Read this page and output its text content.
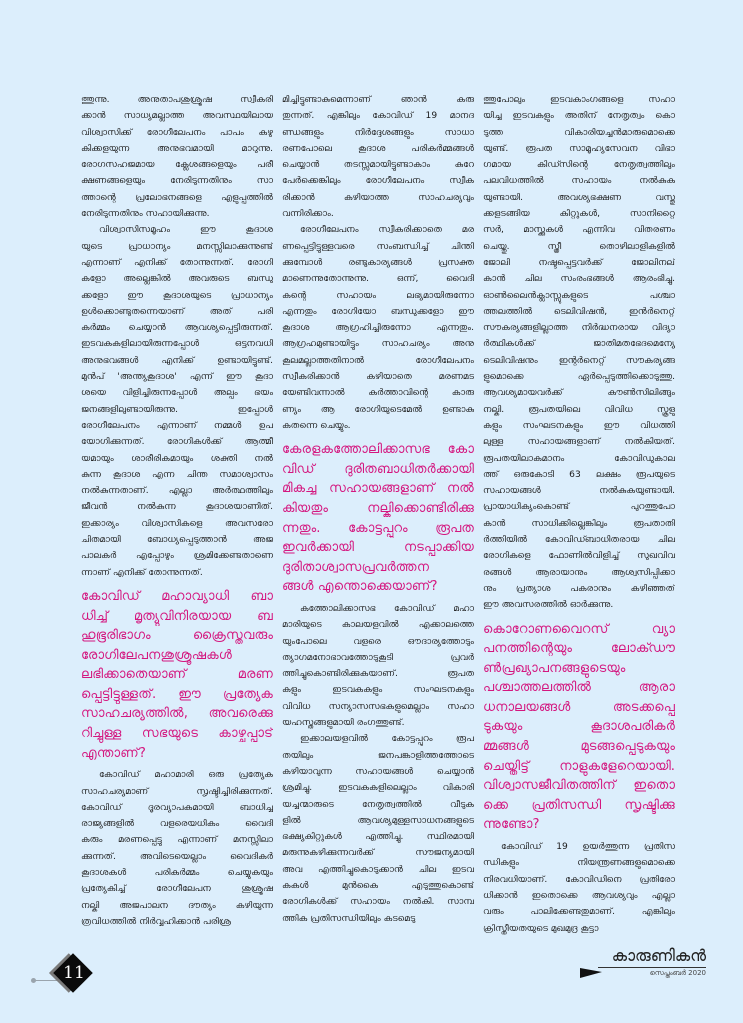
ത്തുന്നു. അനുതാപശുശ്രൂഷ സ്വീകരി
ക്കാൻ സാധ്യമല്ലാത്ത അവസ്ഥയിലായ
വിശ്വാസിക്ക് രോഗീലേപനം പാപം കഴു
കിക്കളയുന്ന അനുഭവമായി മാറുന്നു.
രോഗസഹജമായ ക്ലേശങ്ങളെയും പരീ
ക്ഷണങ്ങളെയും നേരിടുന്നതിനും സാ
ത്താന്റെ പ്രലോഭനങ്ങളെ എളുപ്പത്തിൽ
നേരിടുന്നതിനും സഹായിക്കുന്നു.
വിശ്വാസിസമൂഹം ഈ കൂദാശ
യുടെ പ്രാധാന്യം മനസ്സിലാക്കുന്നുണ്ട്
എന്നാണ് എനിക്ക് തോന്നുന്നത്. രോഗി
കളോ അല്ലെങ്കിൽ അവരുടെ ബന്ധു
ക്കളോ ഈ കൂദാശയുടെ പ്രാധാന്യം
ഉൾക്കൊണ്ടുതന്നെയാണ് അത് പരി
കർമ്മം ചെയ്യാൻ ആവശ്യപ്പെട്ടിരുന്നത്.
ഇടവകകളിലായിരുന്നപ്പോൾ ഒട്ടനവധി
അനുഭവങ്ങൾ എനിക്ക് ഉണ്ടായിട്ടുണ്ട്.
മുൻപ് 'അന്ത്യകൂദാശ' എന്ന് ഈ കൂദാ
ശയെ വിളിച്ചിരുന്നപ്പോൾ അല്പം ഭയം
ജനങ്ങളിലുണ്ടായിരുന്നു. ഇപ്പോൾ
രോഗീലേപനം എന്നാണ് നമ്മൾ ഉപ
യോഗിക്കുന്നത്. രോഗികൾക്ക് ആത്മീ
യമായും ശാരീരികമായും ശക്തി നൽ
കുന്ന കൂദാശ എന്ന ചിന്ത സമാശ്വാസം
നൽകുന്നതാണ്. എല്ലാ അർത്ഥത്തിലും
ജീവൻ നൽകുന്ന കൂദാശയാണിത്.
ഇക്കാര്യം വിശ്വാസികളെ അവസരോ
ചിതമായി ബോധ്യപ്പെടുത്താൻ അജ
പാലകർ എപ്പോഴും ശ്രമിക്കേണ്ടതാണെ
ന്നാണ് എനിക്ക് തോന്നുന്നത്.
കോവിഡ് മഹാവ്യാധി ബാ
ധിച്ച് മൃത്യുവിനിരയായ ബ
ഹുഭൂരിഭാഗം ക്രൈസ്തവരും
രോഗിലേപനശുശ്രൂഷകൾ
ലഭിക്കാതെയാണ് മരണ
പ്പെട്ടിട്ടുള്ളത്. ഈ പ്രത്യേക
സാഹചര്യത്തിൽ, അവരെക്കു
റിച്ചുള്ള സഭയുടെ കാഴ്ചപ്പാട്
എന്താണ്?
കോവിഡ് മഹാമാരി ഒരു പ്രത്യേക
സാഹചര്യമാണ് സൃഷ്ടിച്ചിരിക്കുന്നത്.
കോവിഡ് ദൂരവ്യാപകമായി ബാധിച്ച
രാജ്യങ്ങളിൽ വളരെയധികം വൈദി
കരും മരണപ്പെട്ടു എന്നാണ് മനസ്സിലാ
ക്കുന്നത്. അവിടെയെല്ലാം വൈദികർ
കൂദാശകൾ പരികർമ്മം ചെയ്യുകയും
പ്രത്യേകിച്ച് രോഗീലേപന ശുശ്രൂഷ
നല്കി അജപാലന ദൗത്യം കഴിയുന്ന
ത്രവിധത്തിൽ നിർവ്വഹിക്കാൻ പരിശ്ര
മിച്ചിട്ടുണ്ടാകുമെന്നാണ് ഞാൻ കരു
തുന്നത്. എങ്കിലും കോവിഡ് 19 മാനദ
ണ്ഡങ്ങളും നിർദ്ദേശങ്ങളും സാധാ
രണപോലെ കൂദാശ പരികർമ്മങ്ങൾ
ചെയ്യാൻ തടസ്സമായിട്ടുണ്ടാകാം കുറേ
പേർക്കെങ്കിലും രോഗീലേപനം സ്വീക
രിക്കാൻ കഴിയാത്ത സാഹചര്യവും
വന്നിരിക്കാം.
രോഗീലേപനം സ്വീകരിക്കാതെ മര
ണപ്പെട്ടിട്ടുള്ളവരെ സംബന്ധിച്ച് ചിന്തി
ക്കുമ്പോൾ രണ്ടുകാര്യങ്ങൾ പ്രസക്ത
മാണെന്നുതോന്നുന്നു. ഒന്ന്, വൈദി
കന്റെ സഹായം ലഭ്യമായിരുന്നോ
എന്നതും രോഗിയോ ബന്ധുക്കളോ ഈ
കൂദാശ ആഗ്രഹിച്ചിരുന്നോ എന്നതും.
ആഗ്രഹമുണ്ടായിട്ടും സാഹചര്യം അനു
കൂലമല്ലാത്തതിനാൽ രോഗീലേപനം
സ്വീകരിക്കാൻ കഴിയാതെ മരണമട
യേണ്ടിവന്നാൽ കർത്താവിന്റെ കാരു
ണ്യം ആ രോഗിയുടെമേൽ ഉണ്ടാകു
കതന്നെ ചെയ്യും.
കേരളകത്തോലിക്കാസഭ കോ
വിഡ് ദുരിതബാധിതർക്കായി
മികച്ച സഹായങ്ങളാണ് നൽ
കിയതും നല്കിക്കൊണ്ടിരിക്കു
ന്നതും. കോട്ടപ്പുറം രൂപത
ഇവർക്കായി നടപ്പാക്കിയ
ദുരിതാശ്വാസപ്രവർത്തന
ങ്ങൾ എന്തൊക്കെയാണ്?
കത്തോലിക്കാസഭ കോവിഡ് മഹാ
മാരിയുടെ കാലയളവിൽ എക്കാലത്തെ
യുംപോലെ വളരെ ഔദാര്യത്തോടും
ത്യാഗമനോഭാവത്തോടുകൂടി പ്രവർ
ത്തിച്ചുകൊണ്ടിരിക്കുകയാണ്. രൂപത
കളും ഇടവകകളും സംഘടനകളും
വിവിധ സന്യാസസഭകളുമെല്ലാം സഹാ
യഹസ്തങ്ങളുമായി രംഗത്തുണ്ട്.
ഇക്കാലയളവിൽ കോട്ടപ്പുറം രൂപ
തയിലും ജനപങ്കാളിത്തത്തോടെ
കഴിയാവുന്ന സഹായങ്ങൾ ചെയ്യാൻ
ശ്രമിച്ചു. ഇടവകകളിലെല്ലാം വികാരി
യച്ചന്മാരുടെ നേതൃത്വത്തിൽ വീടുക
ളിൽ ആവശ്യമുള്ളസാധനങ്ങളുടെ
ഭക്ഷ്യകിറ്റുകൾ എത്തിച്ചു. സ്ഥിരമായി
മരുന്നുകഴിക്കുന്നവർക്ക് സൗജന്യമായി
അവ എത്തിച്ചുകൊടുക്കാൻ ചില ഇടവ
കകൾ മുൻകൈ എടുത്തുകൊണ്ട്
രോഗികൾക്ക് സഹായം നൽകി. സാമ്പ
ത്തിക പ്രതിസന്ധിയിലും കടമെടു
ത്തുപോലും ഇടവകാംഗങ്ങളെ സഹാ
യിച്ച ഇടവകളും അതിന് നേതൃത്വം കൊ
ടുത്ത വികാരിയച്ചൻമാരുമൊക്കെ
യുണ്ട്. രൂപത സാമൂഹ്യസേവന വിഭാ
ഗമായ കിഡ്സിന്റെ നേതൃത്വത്തിലും
പലവിധത്തിൽ സഹായം നൽകുക
യുണ്ടായി. അവശ്യഭക്ഷണ വസ്തു
ക്കളടങ്ങിയ കിറ്റുകൾ, സാനിറ്റൈ
സർ, മാസ്ക്കുകൾ എന്നിവ വിതരണം
ചെയ്തു. സ്ത്രീ തൊഴിലാളികളിൽ
ജോലി നഷ്ടപ്പെട്ടവർക്ക് ജോലിനല്
കാൻ ചില സംരംഭങ്ങൾ ആരംഭിച്ചു.
ഓൺലൈൻക്ലാസ്സുകളുടെ പശ്ചാ
ത്തലത്തിൽ ടെലിവിഷൻ, ഇൻർനെറ്റ്
സൗകര്യങ്ങളില്ലാത്ത നിർദ്ധനരായ വിദ്യാ
ർത്ഥികൾക്ക് ജാതിമതഭേദമെന്യേ
ടെലിവിഷനും ഇന്റർനെറ്റ് സൗകര്യങ്ങ
ളുമൊക്കെ ഏർപ്പെടുത്തിക്കൊടുത്തു.
ആവശ്യമായവർക്ക് കൗൺസിലിങ്ങും
നല്കി. രൂപതയിലെ വിവിധ സ്കൂളു
കളും സംഘടനകളും ഈ വിധത്തി
ലുള്ള സഹായങ്ങളാണ് നൽകിയത്.
രൂപതയിലാകമാനം കോവിഡുകാല
ത്ത് ഒരുകോടി 63 ലക്ഷം രൂപയുടെ
സഹായങ്ങൾ നൽകുകയുണ്ടായി.
പ്രായാധിക്യംകൊണ്ട് പുറത്തുപോ
കാൻ സാധിക്കില്ലെങ്കിലും രൂപതാതി
ർത്തിയിൽ കോവിഡ്ബാധിതരായ ചില
രോഗികളെ ഫോണിൽവിളിച്ച് സുഖവിവ
രങ്ങൾ ആരായാനും ആശ്വസിപ്പിക്കാ
നും പ്രത്യാശ പകരാനും കഴിഞ്ഞത്
ഈ അവസരത്തിൽ ഓർക്കുന്നു.
കൊറോണവൈറസ് വ്യാ
പനത്തിന്റെയും ലോക്ഡൗ
ൺപ്രഖ്യാപനങ്ങളുടെയും
പശ്ചാത്തലത്തിൽ ആരാ
ധനാലയങ്ങൾ അടക്കപ്പെ
ടുകയും കൂദാശപരികർ
മ്മങ്ങൾ മുടങ്ങപ്പെടുകയും
ചെയ്തിട്ട് നാളുകളേറെയായി.
വിശ്വാസജീവിതത്തിന് ഇതൊ
ക്കെ പ്രതിസന്ധി സൃഷ്ടിക്കു
ന്നുണ്ടോ?
കോവിഡ് 19 ഉയർത്തുന്ന പ്രതിസ
ന്ധികളും നിയന്ത്രണങ്ങളുമൊക്കെ
നിരവധിയാണ്. കോവിഡിനെ പ്രതിരോ
ധിക്കാൻ ഇതൊക്കെ ആവശ്യവും എല്ലാ
വരും പാലിക്കേണ്ടതുമാണ്. എങ്കിലും
ക്രിസ്തീയതയുടെ മുഖമുദ്ര കൂട്ടാ
11
കാരുണികൻ
സെപ്തംബർ 2020
